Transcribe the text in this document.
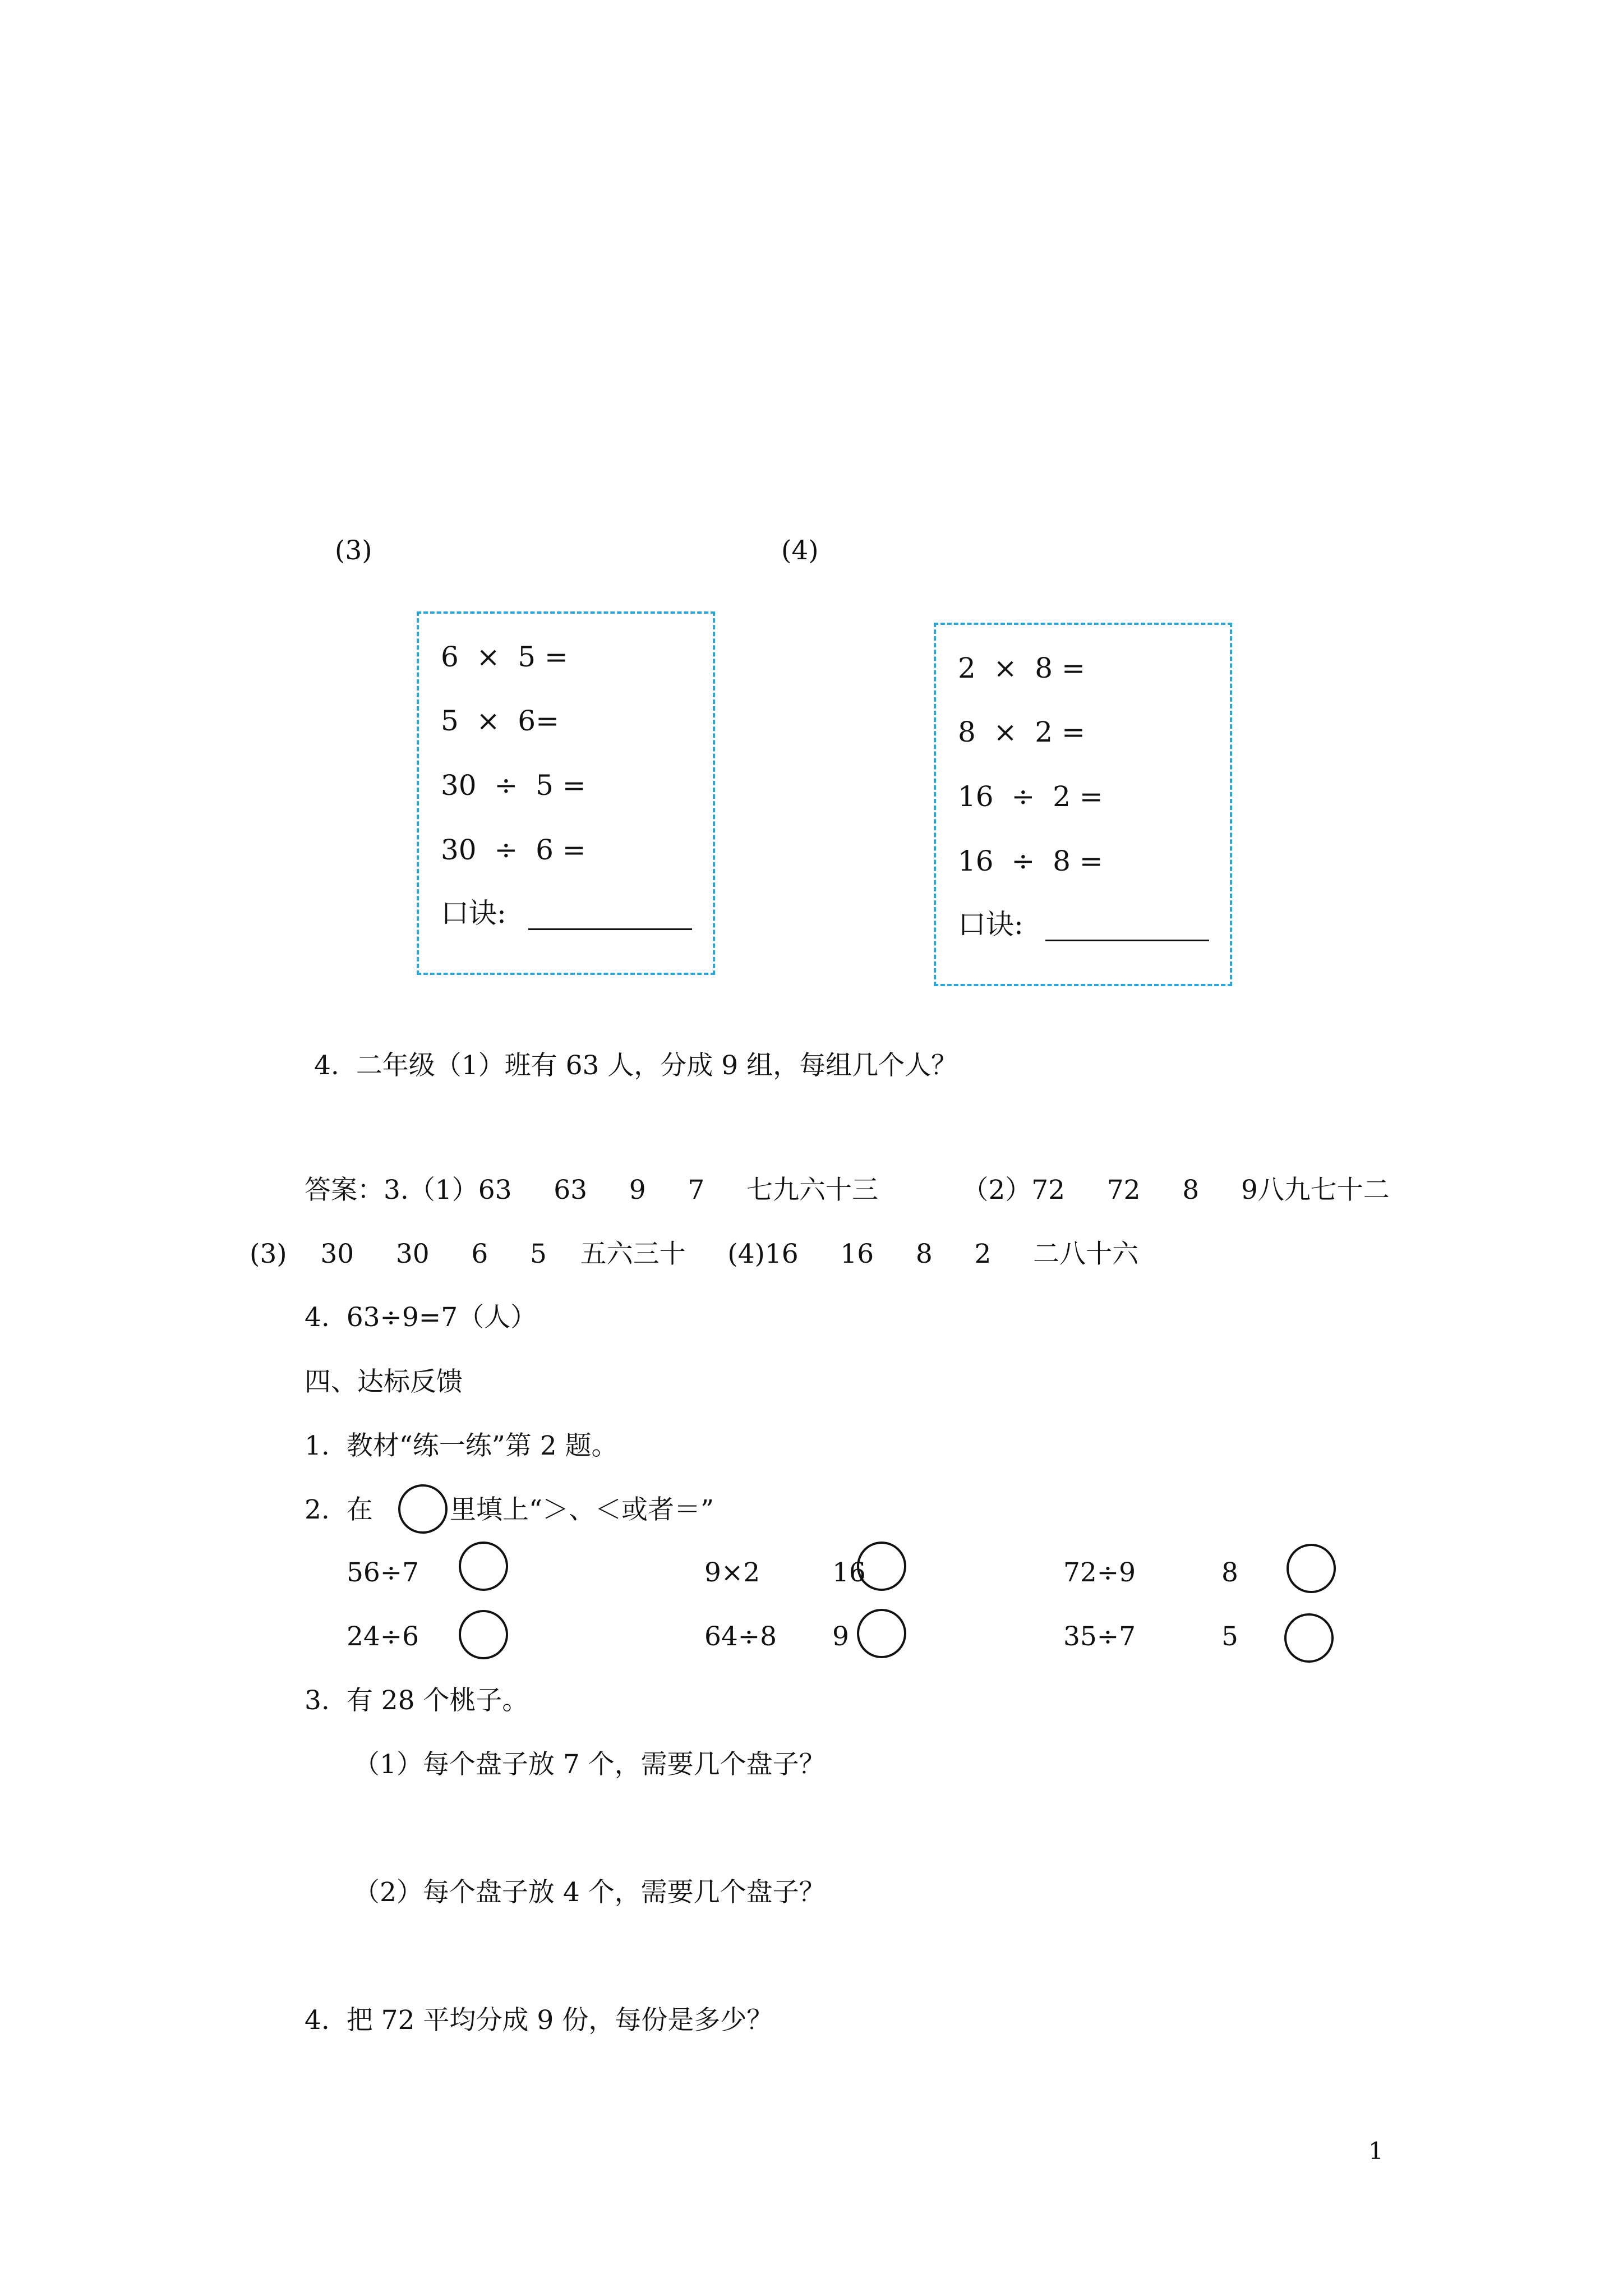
(3)	(4)
6  ×  5 =
5  ×  6=
30  ÷  5 =
30  ÷  6 =
口诀:
2  ×  8 =
8  ×  2 =
16  ÷  2 =
16  ÷  8 =
口诀:
4.  二年级（1）班有 63 人，分成 9 组，每组几个人？
答案：3.（1）63     63     9     7     七九六十三          （2）72     72     8     9八九七十二
(3)    30     30     6     5    五六三十     (4)16     16     8     2     二八十六
4.  63÷9=7（人）
四、达标反馈
1.  教材“练一练”第 2 题。
2.  在	里填上“＞、＜或者＝”
56÷7	9×2	16	72÷9	8
24÷6	64÷8 9	35÷7	5
3.  有 28 个桃子。
（1）每个盘子放 7 个，需要几个盘子？
（2）每个盘子放 4 个，需要几个盘子？
4.  把 72 平均分成 9 份，每份是多少？
1
